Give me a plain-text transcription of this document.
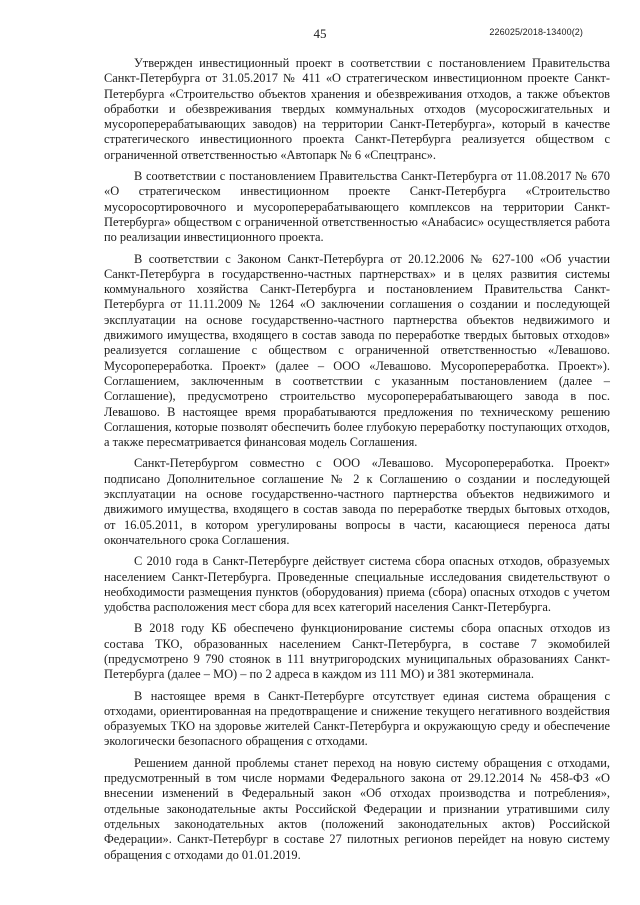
45	226025/2018-13400(2)

Утвержден инвестиционный проект в соответствии с постановлением Правительства Санкт-Петербурга от 31.05.2017 № 411 «О стратегическом инвестиционном проекте Санкт-Петербурга «Строительство объектов хранения и обезвреживания отходов, а также объектов обработки и обезвреживания твердых коммунальных отходов (мусоросжигательных и мусороперерабатывающих заводов) на территории Санкт-Петербурга», который в качестве стратегического инвестиционного проекта Санкт-Петербурга реализуется обществом с ограниченной ответственностью «Автопарк № 6 «Спецтранс».

В соответствии с постановлением Правительства Санкт-Петербурга от 11.08.2017 № 670 «О стратегическом инвестиционном проекте Санкт-Петербурга «Строительство мусоросортировочного и мусороперерабатывающего комплексов на территории Санкт-Петербурга» обществом с ограниченной ответственностью «Анабасис» осуществляется работа по реализации инвестиционного проекта.

В соответствии с Законом Санкт-Петербурга от 20.12.2006 № 627-100 «Об участии Санкт-Петербурга в государственно-частных партнерствах» и в целях развития системы коммунального хозяйства Санкт-Петербурга и постановлением Правительства Санкт-Петербурга от 11.11.2009 № 1264 «О заключении соглашения о создании и последующей эксплуатации на основе государственно-частного партнерства объектов недвижимого и движимого имущества, входящего в состав завода по переработке твердых бытовых отходов» реализуется соглашение с обществом с ограниченной ответственностью «Левашово. Мусоропереработка. Проект» (далее – ООО «Левашово. Мусоропереработка. Проект»). Соглашением, заключенным в соответствии с указанным постановлением (далее – Соглашение), предусмотрено строительство мусороперерабатывающего завода в пос. Левашово. В настоящее время прорабатываются предложения по техническому решению Соглашения, которые позволят обеспечить более глубокую переработку поступающих отходов, а также пересматривается финансовая модель Соглашения.

Санкт-Петербургом совместно с ООО «Левашово. Мусоропереработка. Проект» подписано Дополнительное соглашение № 2 к Соглашению о создании и последующей эксплуатации на основе государственно-частного партнерства объектов недвижимого и движимого имущества, входящего в состав завода по переработке твердых бытовых отходов, от 16.05.2011, в котором урегулированы вопросы в части, касающиеся переноса даты окончательного срока Соглашения.

С 2010 года в Санкт-Петербурге действует система сбора опасных отходов, образуемых населением Санкт-Петербурга. Проведенные специальные исследования свидетельствуют о необходимости размещения пунктов (оборудования) приема (сбора) опасных отходов с учетом удобства расположения мест сбора для всех категорий населения Санкт-Петербурга.

В 2018 году КБ обеспечено функционирование системы сбора опасных отходов из состава ТКО, образованных населением Санкт-Петербурга, в составе 7 экомобилей (предусмотрено 9 790 стоянок в 111 внутригородских муниципальных образованиях Санкт-Петербурга (далее – МО) – по 2 адреса в каждом из 111 МО) и 381 экотерминала.

В настоящее время в Санкт-Петербурге отсутствует единая система обращения с отходами, ориентированная на предотвращение и снижение текущего негативного воздействия образуемых ТКО на здоровье жителей Санкт-Петербурга и окружающую среду и обеспечение экологически безопасного обращения с отходами.

Решением данной проблемы станет переход на новую систему обращения с отходами, предусмотренный в том числе нормами Федерального закона от 29.12.2014 № 458-ФЗ «О внесении изменений в Федеральный закон «Об отходах производства и потребления», отдельные законодательные акты Российской Федерации и признании утратившими силу отдельных законодательных актов (положений законодательных актов) Российской Федерации». Санкт-Петербург в составе 27 пилотных регионов перейдет на новую систему обращения с отходами до 01.01.2019.
